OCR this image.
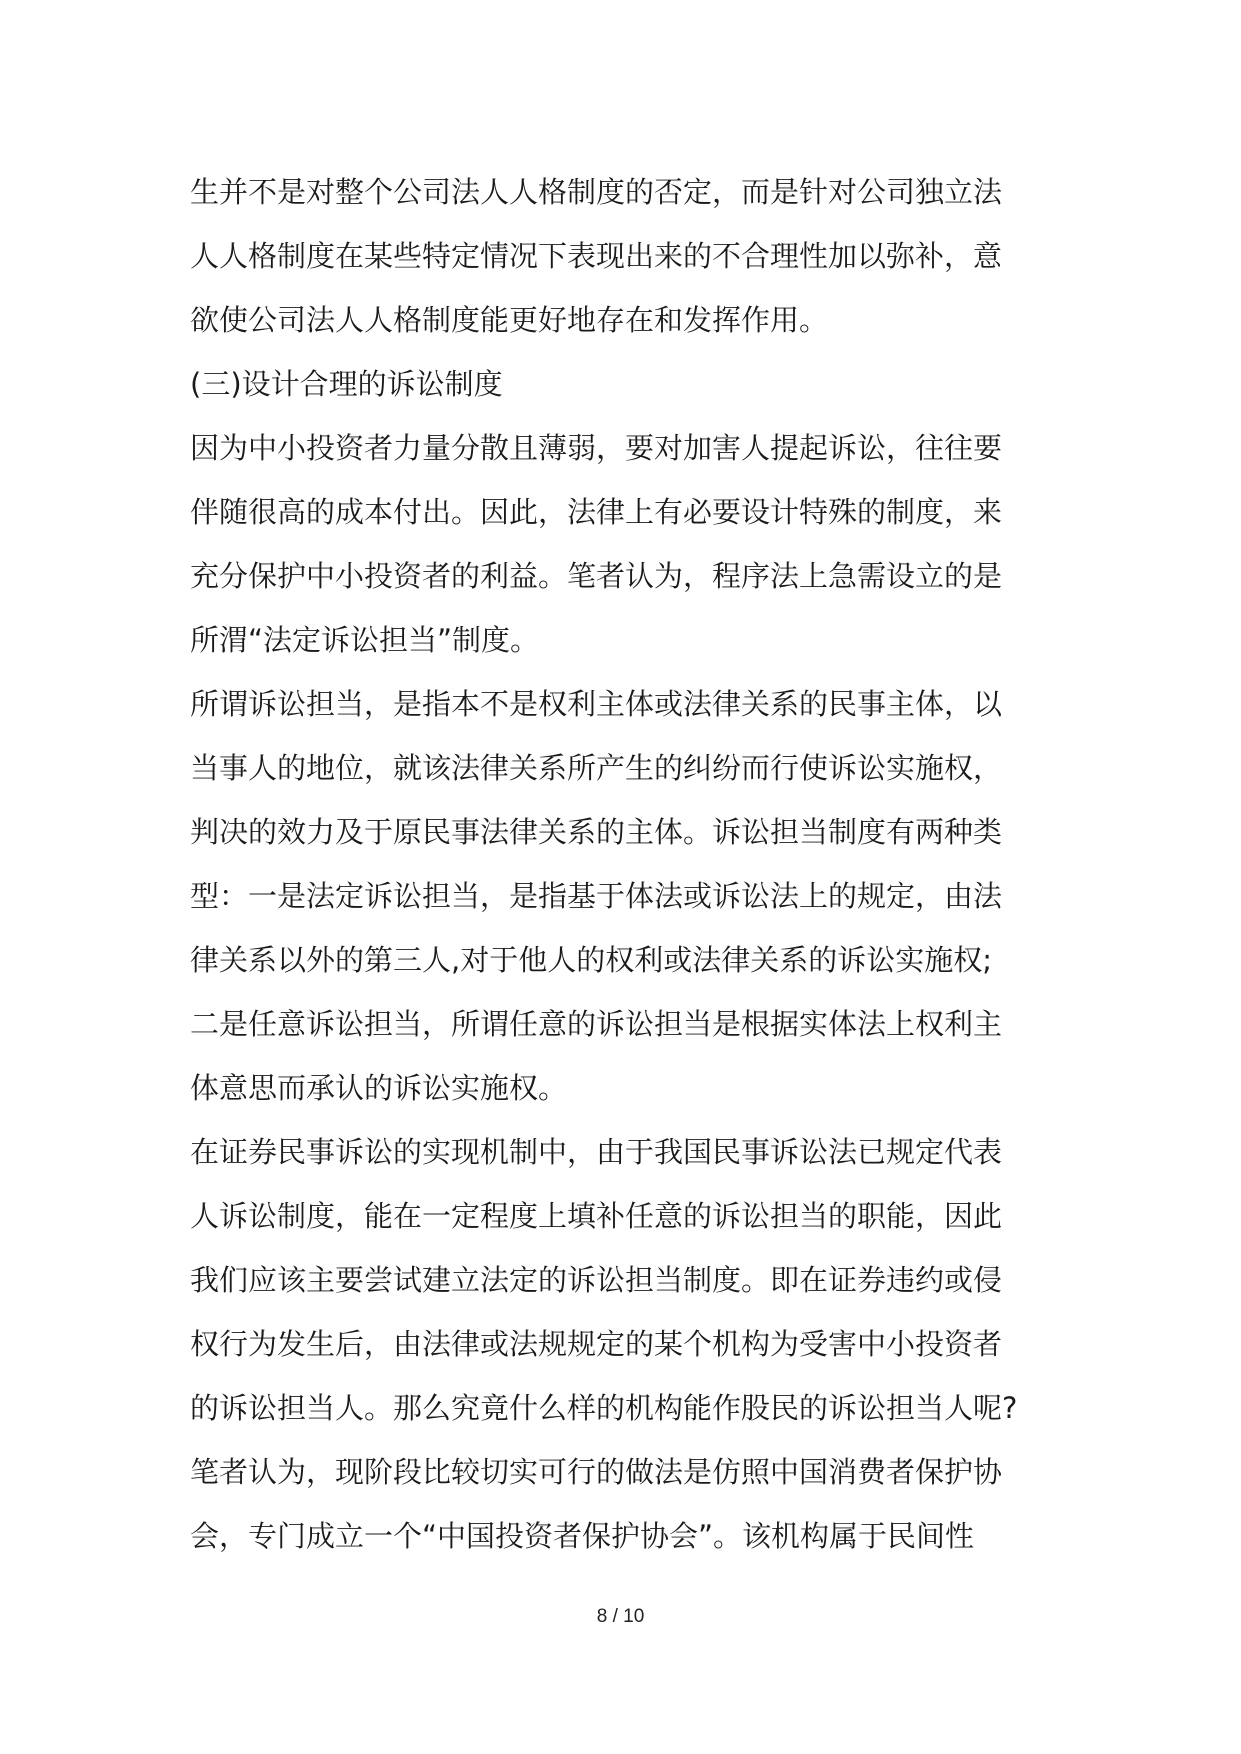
生并不是对整个公司法人人格制度的否定，而是针对公司独立法
人人格制度在某些特定情况下表现出来的不合理性加以弥补，意
欲使公司法人人格制度能更好地存在和发挥作用。
(三)设计合理的诉讼制度
因为中小投资者力量分散且薄弱，要对加害人提起诉讼，往往要
伴随很高的成本付出。因此，法律上有必要设计特殊的制度，来
充分保护中小投资者的利益。笔者认为，程序法上急需设立的是
所渭“法定诉讼担当”制度。
所谓诉讼担当，是指本不是权利主体或法律关系的民事主体，以
当事人的地位，就该法律关系所产生的纠纷而行使诉讼实施权，
判决的效力及于原民事法律关系的主体。诉讼担当制度有两种类
型：一是法定诉讼担当，是指基于体法或诉讼法上的规定，由法
律关系以外的第三人,对于他人的权利或法律关系的诉讼实施权;
二是任意诉讼担当，所谓任意的诉讼担当是根据实体法上权利主
体意思而承认的诉讼实施权。
在证券民事诉讼的实现机制中，由于我国民事诉讼法已规定代表
人诉讼制度，能在一定程度上填补任意的诉讼担当的职能，因此
我们应该主要尝试建立法定的诉讼担当制度。即在证券违约或侵
权行为发生后，由法律或法规规定的某个机构为受害中小投资者
的诉讼担当人。那么究竟什么样的机构能作股民的诉讼担当人呢?
笔者认为，现阶段比较切实可行的做法是仿照中国消费者保护协
会，专门成立一个“中国投资者保护协会”。该机构属于民间性
8 / 10
